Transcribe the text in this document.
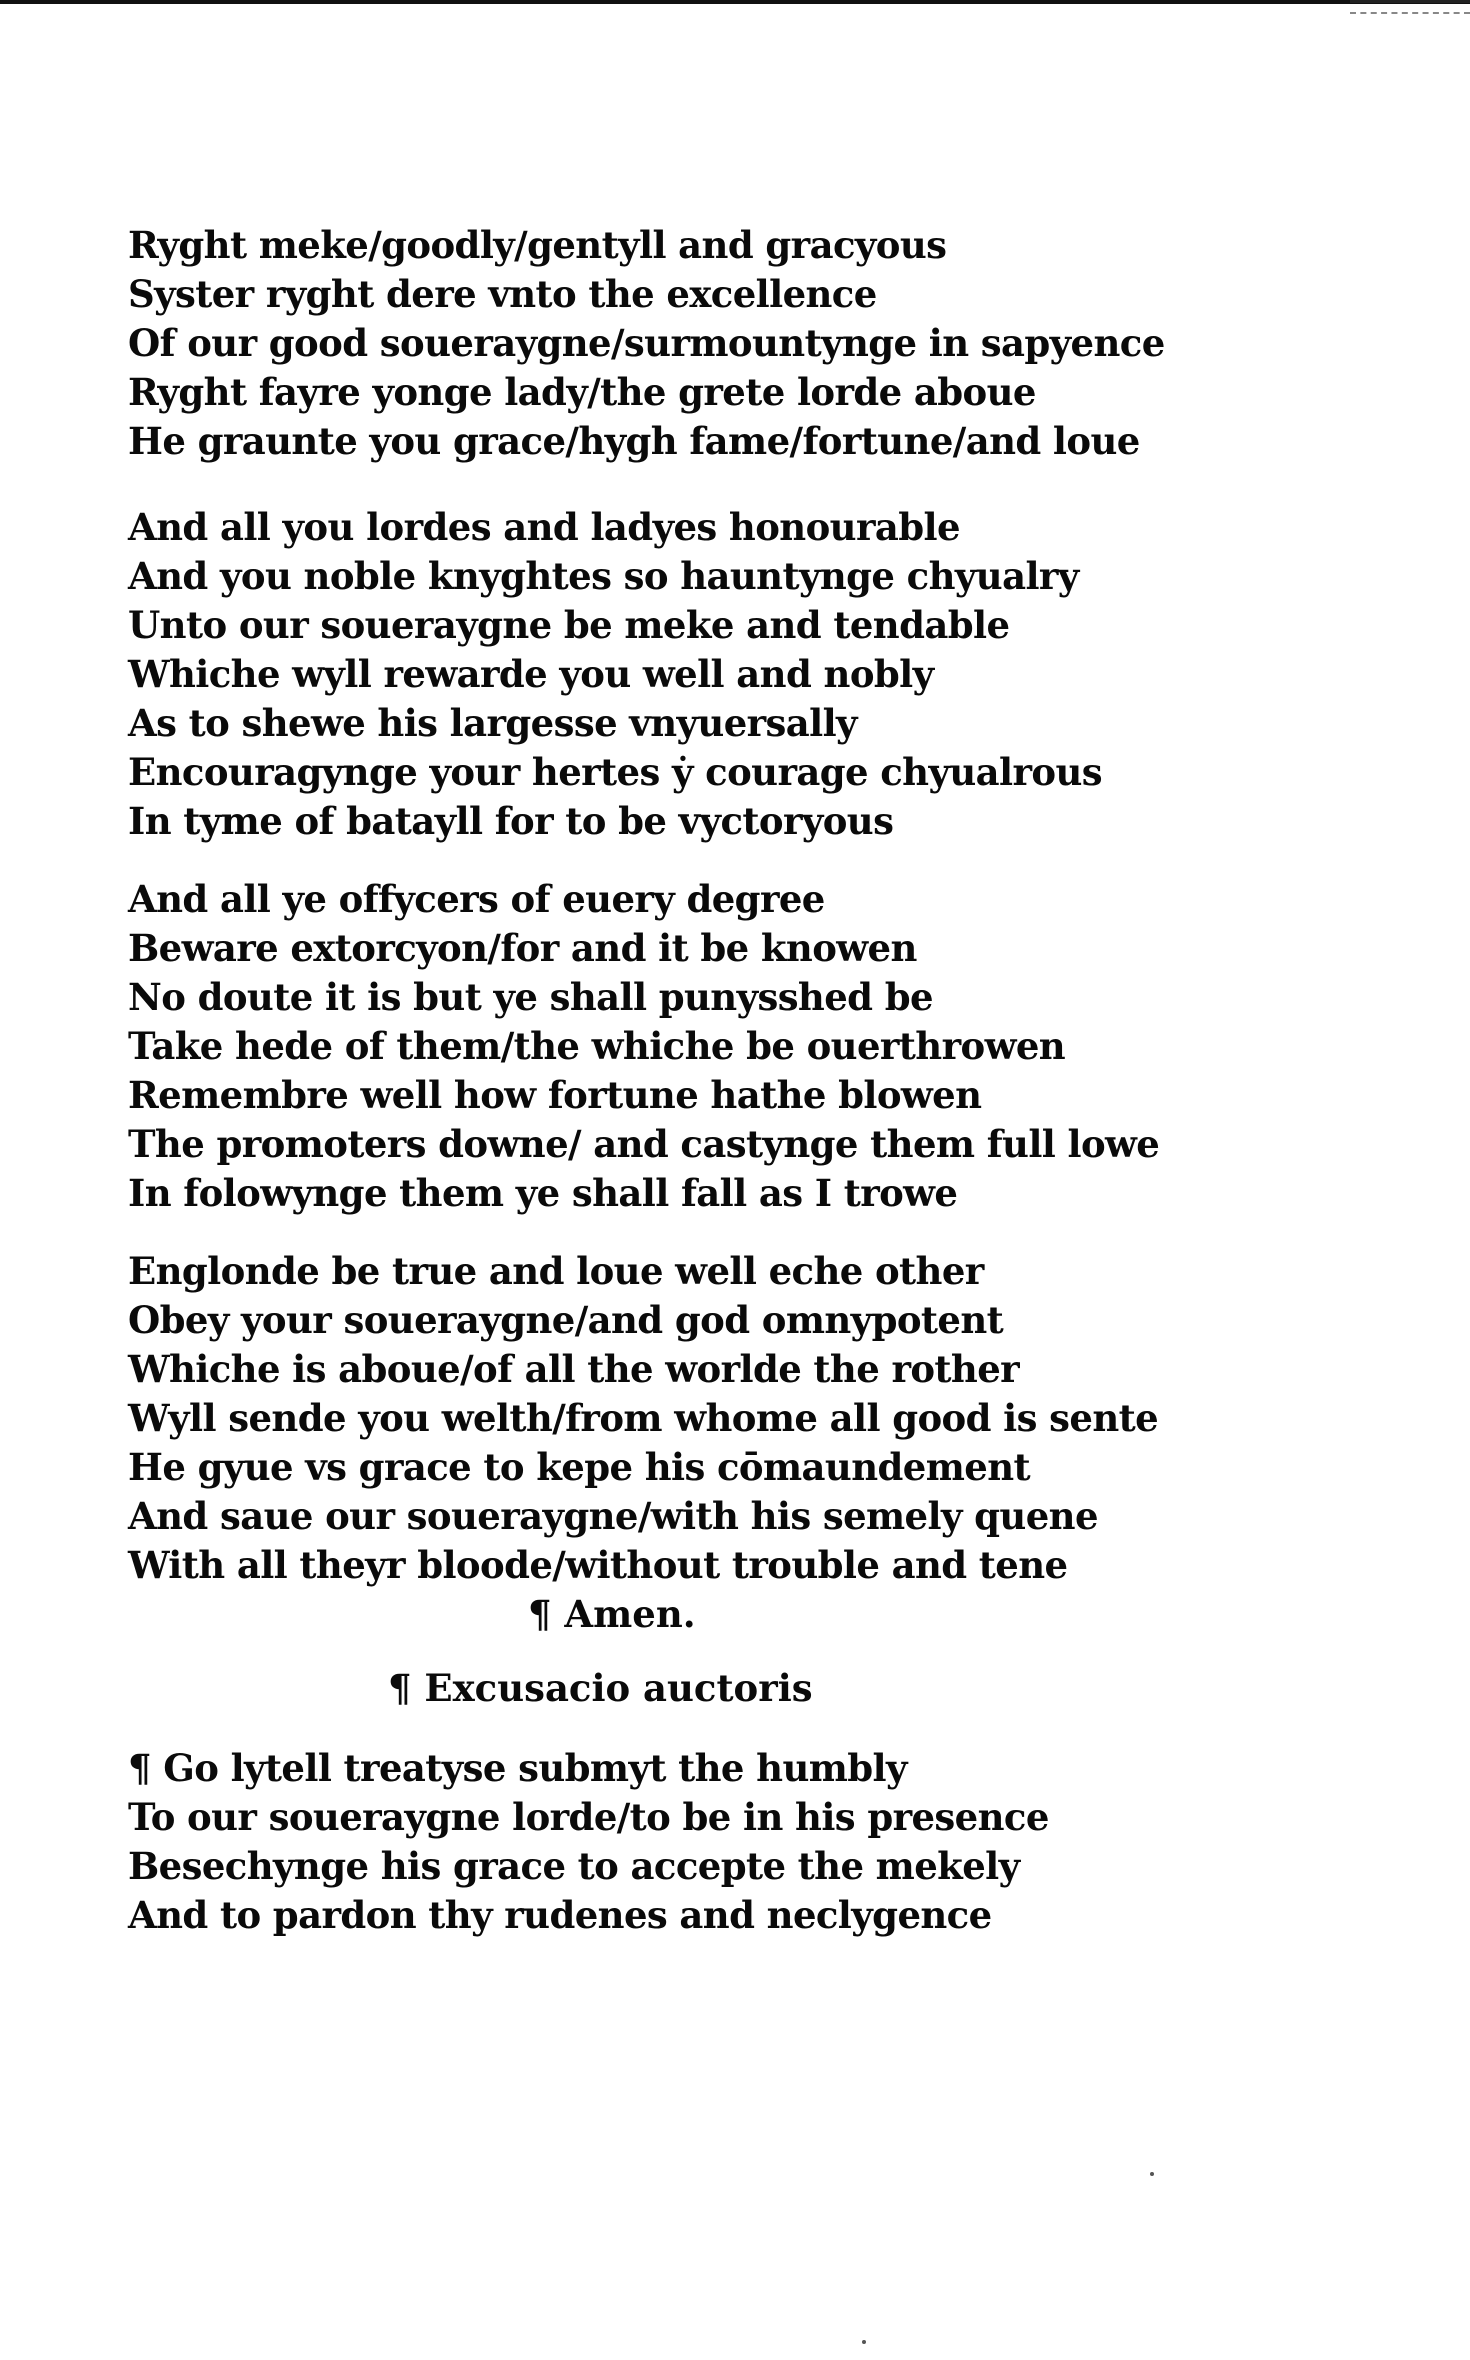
Ryght meke/goodly/gentyll and gracyous
Syster ryght dere vnto the excellence
Of our good soueraygne/surmountynge in sapyence
Ryght fayre yonge lady/the grete lorde aboue
He graunte you grace/hygh fame/fortune/and loue
And all you lordes and ladyes honourable
And you noble knyghtes so hauntynge chyualry
Unto our soueraygne be meke and tendable
Whiche wyll rewarde you well and nobly
As to shewe his largesse vnyuersally
Encouragynge your hertes ẏ courage chyualrous
In tyme of batayll for to be vyctoryous
And all ye offycers of euery degree
Beware extorcyon/for and it be knowen
No doute it is but ye shall punysshed be
Take hede of them/the whiche be ouerthrowen
Remembre well how fortune hathe blowen
The promoters downe/ and castynge them full lowe
In folowynge them ye shall fall as I trowe
Englonde be true and loue well eche other
Obey your soueraygne/and god omnypotent
Whiche is aboue/of all the worlde the rother
Wyll sende you welth/from whome all good is sente
He gyue vs grace to kepe his cōmaundement
And saue our soueraygne/with his semely quene
With all theyr bloode/without trouble and tene
¶ Amen.
¶ Excusacio auctoris
¶ Go lytell treatyse submyt the humbly
To our soueraygne lorde/to be in his presence
Besechynge his grace to accepte the mekely
And to pardon thy rudenes and neclygence
